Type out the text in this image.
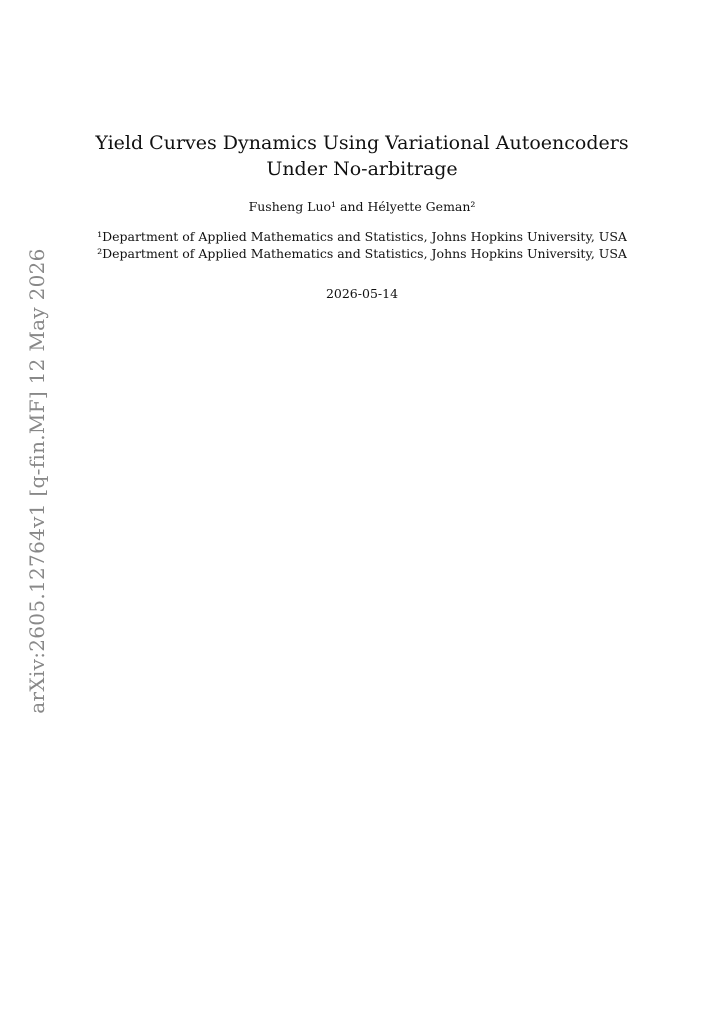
arXiv:2605.12764v1 [q-fin.MF] 12 May 2026
Yield Curves Dynamics Using Variational Autoencoders Under No-arbitrage
Fusheng Luo¹ and Hélyette Geman²
¹Department of Applied Mathematics and Statistics, Johns Hopkins University, USA
²Department of Applied Mathematics and Statistics, Johns Hopkins University, USA
2026-05-14
